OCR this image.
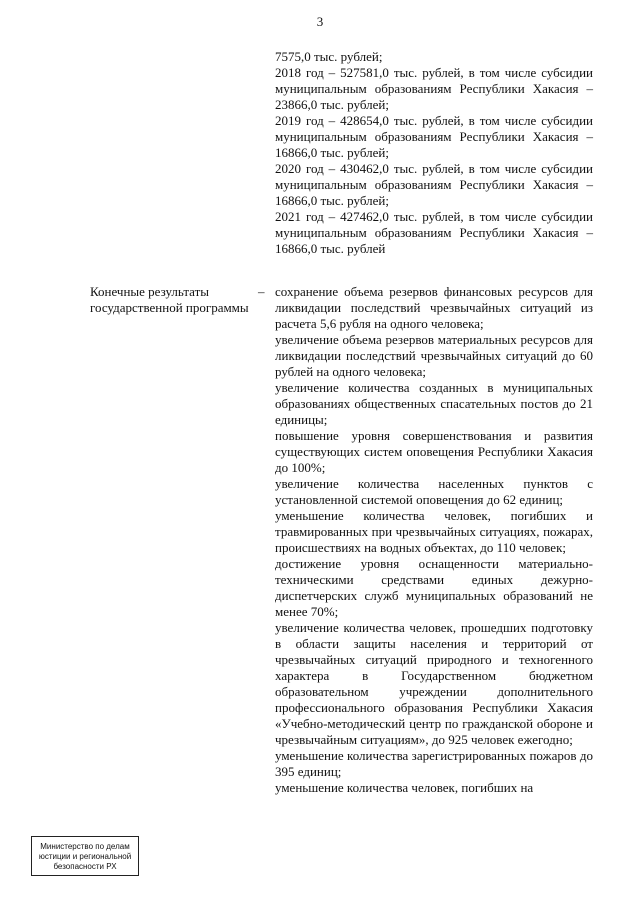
3

7575,0 тыс. рублей;

2018 год – 527581,0 тыс. рублей, в том числе субсидии муниципальным образованиям Республики Хакасия – 23866,0 тыс. рублей;

2019 год – 428654,0 тыс. рублей, в том числе субсидии муниципальным образованиям Республики Хакасия – 16866,0 тыс. рублей;

2020 год – 430462,0 тыс. рублей, в том числе субсидии муниципальным образованиям Республики Хакасия – 16866,0 тыс. рублей;

2021 год – 427462,0 тыс. рублей, в том числе субсидии муниципальным образованиям Республики Хакасия – 16866,0 тыс. рублей

Конечные результаты государственной программы
– сохранение объема резервов финансовых ресурсов для ликвидации последствий чрезвычайных ситуаций из расчета 5,6 рубля на одного человека;

увеличение объема резервов материальных ресурсов для ликвидации последствий чрезвычайных ситуаций до 60 рублей на одного человека;

увеличение количества созданных в муниципальных образованиях общественных спасательных постов до 21 единицы;

повышение уровня совершенствования и развития существующих систем оповещения Республики Хакасия до 100%;

увеличение количества населенных пунктов с установленной системой оповещения до 62 единиц;

уменьшение количества человек, погибших и травмированных при чрезвычайных ситуациях, пожарах, происшествиях на водных объектах, до 110 человек;

достижение уровня оснащенности материально-техническими средствами единых дежурно-диспетчерских служб муниципальных образований не менее 70%;

увеличение количества человек, прошедших подготовку в области защиты населения и территорий от чрезвычайных ситуаций природного и техногенного характера в Государственном бюджетном образовательном учреждении дополнительного профессионального образования Республики Хакасия «Учебно-методический центр по гражданской обороне и чрезвычайным ситуациям», до 925 человек ежегодно;

уменьшение количества зарегистрированных пожаров до 395 единиц;

уменьшение количества человек, погибших на

Министерство по делам
юстиции и региональной
безопасности РХ
